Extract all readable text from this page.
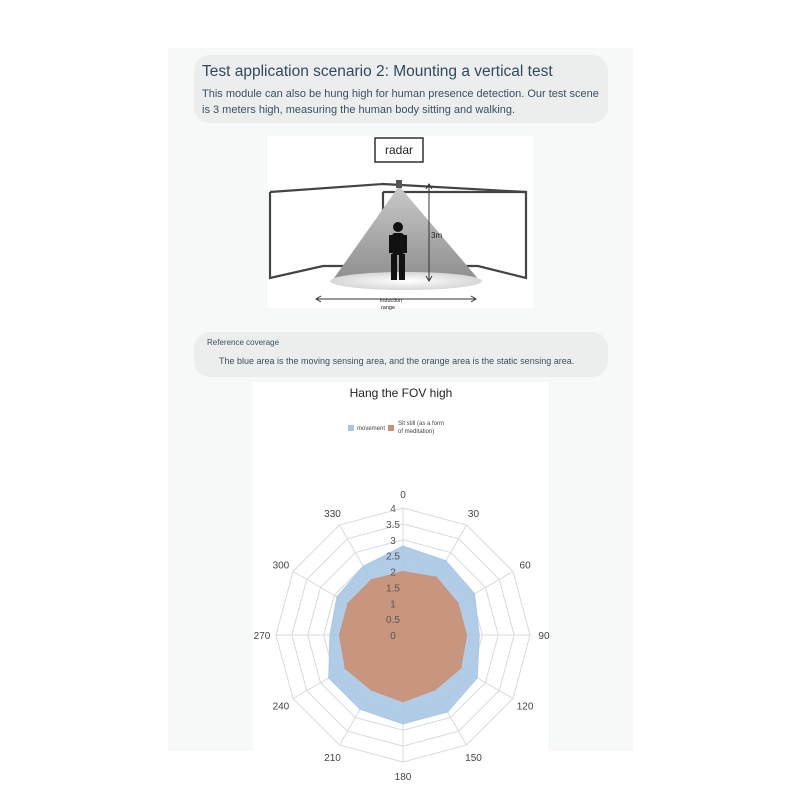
Test application scenario 2: Mounting a vertical test
This module can also be hung high for human presence detection. Our test scene is 3 meters high, measuring the human body sitting and walking.
radar
3m
Induction
range
Reference coverage
The blue area is the moving sensing area, and the orange area is the static sensing area.
Hang the FOV high
movement
Sit still (as a form
of meditation)
0
0.5
1
1.5
2
2.5
3
3.5
4
0
30
60
90
120
150
180
210
240
270
300
330
